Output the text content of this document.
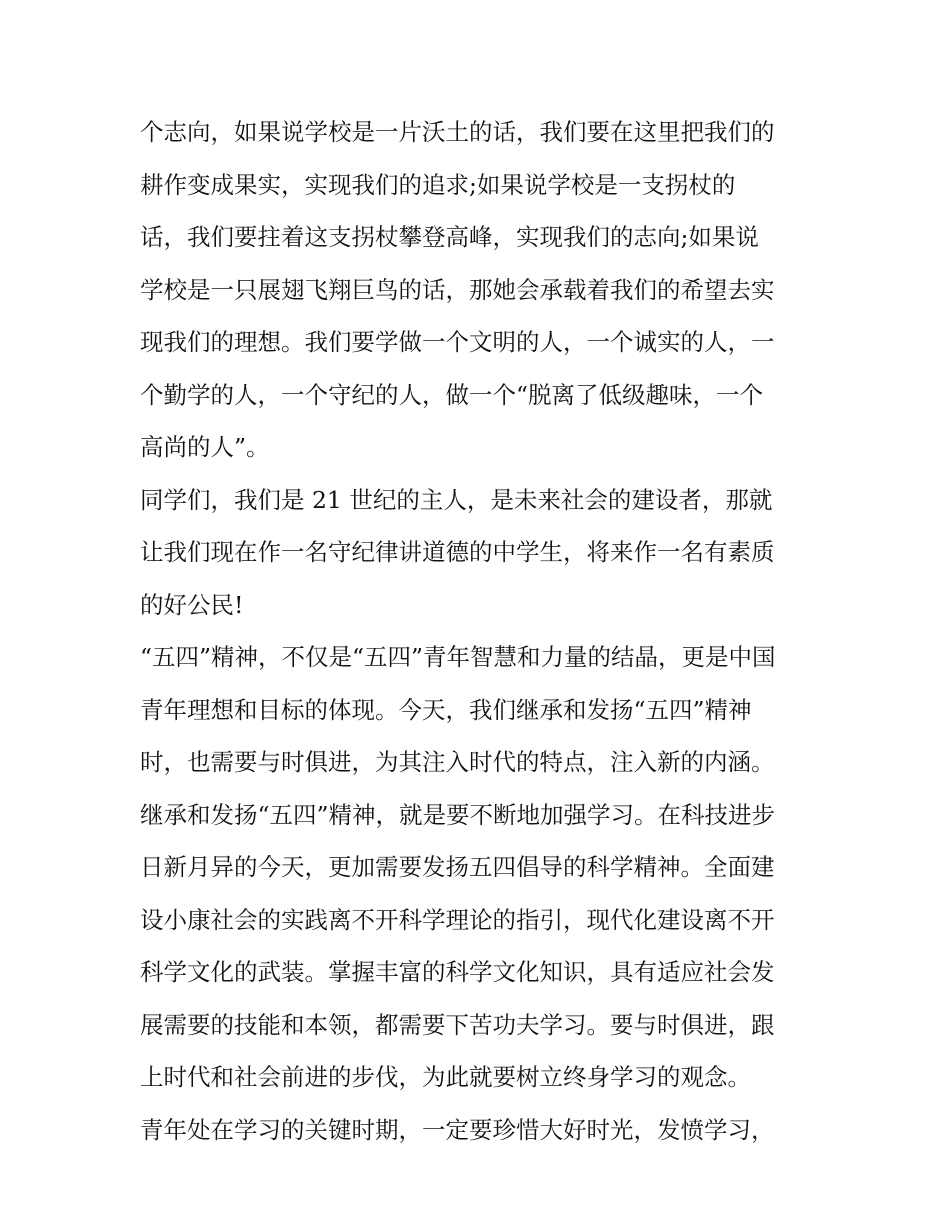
个志向，如果说学校是一片沃土的话，我们要在这里把我们的
耕作变成果实，实现我们的追求;如果说学校是一支拐杖的
话，我们要拄着这支拐杖攀登高峰，实现我们的志向;如果说
学校是一只展翅飞翔巨鸟的话，那她会承载着我们的希望去实
现我们的理想。我们要学做一个文明的人，一个诚实的人，一
个勤学的人，一个守纪的人，做一个“脱离了低级趣味，一个
高尚的人”。
同学们，我们是 21 世纪的主人，是未来社会的建设者，那就
让我们现在作一名守纪律讲道德的中学生，将来作一名有素质
的好公民!
“五四”精神，不仅是“五四”青年智慧和力量的结晶，更是中国
青年理想和目标的体现。今天，我们继承和发扬“五四”精神
时，也需要与时俱进，为其注入时代的特点，注入新的内涵。
继承和发扬“五四”精神，就是要不断地加强学习。在科技进步
日新月异的今天，更加需要发扬五四倡导的科学精神。全面建
设小康社会的实践离不开科学理论的指引，现代化建设离不开
科学文化的武装。掌握丰富的科学文化知识，具有适应社会发
展需要的技能和本领，都需要下苦功夫学习。要与时俱进，跟
上时代和社会前进的步伐，为此就要树立终身学习的观念。
青年处在学习的关键时期，一定要珍惜大好时光，发愤学习，
